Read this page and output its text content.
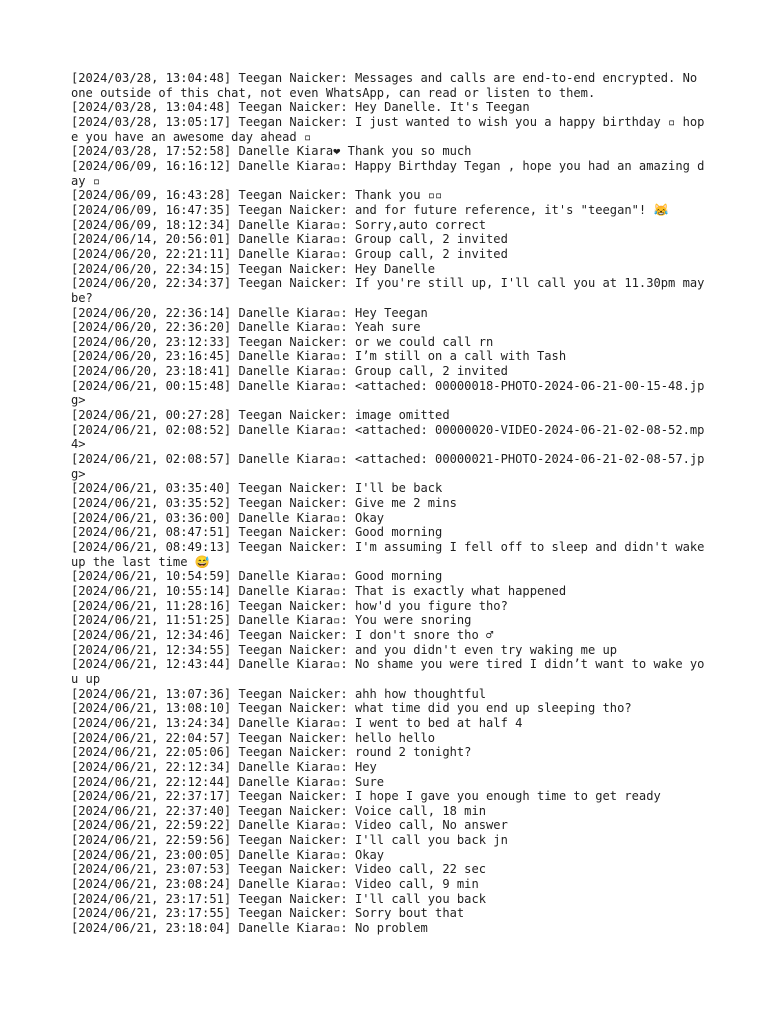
[2024/03/28, 13:04:48] Teegan Naicker: Messages and calls are end-to-end encrypted. No one outside of this chat, not even WhatsApp, can read or listen to them.
[2024/03/28, 13:04:48] Teegan Naicker: Hey Danelle. It's Teegan
[2024/03/28, 13:05:17] Teegan Naicker: I just wanted to wish you a happy birthday ▫ hope you have an awesome day ahead ▫
[2024/03/28, 17:52:58] Danelle Kiara❤ Thank you so much
[2024/06/09, 16:16:12] Danelle Kiara▫: Happy Birthday Tegan , hope you had an amazing day ▫
[2024/06/09, 16:43:28] Teegan Naicker: Thank you ▫▫
[2024/06/09, 16:47:35] Teegan Naicker: and for future reference, it's "teegan"! 😹
[2024/06/09, 18:12:34] Danelle Kiara▫: Sorry,auto correct
[2024/06/14, 20:56:01] Danelle Kiara▫: Group call, 2 invited
[2024/06/20, 22:21:11] Danelle Kiara▫: Group call, 2 invited
[2024/06/20, 22:34:15] Teegan Naicker: Hey Danelle
[2024/06/20, 22:34:37] Teegan Naicker: If you're still up, I'll call you at 11.30pm maybe?
[2024/06/20, 22:36:14] Danelle Kiara▫: Hey Teegan
[2024/06/20, 22:36:20] Danelle Kiara▫: Yeah sure
[2024/06/20, 23:12:33] Teegan Naicker: or we could call rn
[2024/06/20, 23:16:45] Danelle Kiara▫: I’m still on a call with Tash
[2024/06/20, 23:18:41] Danelle Kiara▫: Group call, 2 invited
[2024/06/21, 00:15:48] Danelle Kiara▫: <attached: 00000018-PHOTO-2024-06-21-00-15-48.jpg>
[2024/06/21, 00:27:28] Teegan Naicker: image omitted
[2024/06/21, 02:08:52] Danelle Kiara▫: <attached: 00000020-VIDEO-2024-06-21-02-08-52.mp4>
[2024/06/21, 02:08:57] Danelle Kiara▫: <attached: 00000021-PHOTO-2024-06-21-02-08-57.jpg>
[2024/06/21, 03:35:40] Teegan Naicker: I'll be back
[2024/06/21, 03:35:52] Teegan Naicker: Give me 2 mins
[2024/06/21, 03:36:00] Danelle Kiara▫: Okay
[2024/06/21, 08:47:51] Teegan Naicker: Good morning
[2024/06/21, 08:49:13] Teegan Naicker: I'm assuming I fell off to sleep and didn't wake up the last time 😅
[2024/06/21, 10:54:59] Danelle Kiara▫: Good morning
[2024/06/21, 10:55:14] Danelle Kiara▫: That is exactly what happened
[2024/06/21, 11:28:16] Teegan Naicker: how'd you figure tho?
[2024/06/21, 11:51:25] Danelle Kiara▫: You were snoring
[2024/06/21, 12:34:46] Teegan Naicker: I don't snore tho ♂
[2024/06/21, 12:34:55] Teegan Naicker: and you didn't even try waking me up
[2024/06/21, 12:43:44] Danelle Kiara▫: No shame you were tired I didn’t want to wake you up
[2024/06/21, 13:07:36] Teegan Naicker: ahh how thoughtful
[2024/06/21, 13:08:10] Teegan Naicker: what time did you end up sleeping tho?
[2024/06/21, 13:24:34] Danelle Kiara▫: I went to bed at half 4
[2024/06/21, 22:04:57] Teegan Naicker: hello hello
[2024/06/21, 22:05:06] Teegan Naicker: round 2 tonight?
[2024/06/21, 22:12:34] Danelle Kiara▫: Hey
[2024/06/21, 22:12:44] Danelle Kiara▫: Sure
[2024/06/21, 22:37:17] Teegan Naicker: I hope I gave you enough time to get ready
[2024/06/21, 22:37:40] Teegan Naicker: Voice call, 18 min
[2024/06/21, 22:59:22] Danelle Kiara▫: Video call, No answer
[2024/06/21, 22:59:56] Teegan Naicker: I'll call you back jn
[2024/06/21, 23:00:05] Danelle Kiara▫: Okay
[2024/06/21, 23:07:53] Teegan Naicker: Video call, 22 sec
[2024/06/21, 23:08:24] Danelle Kiara▫: Video call, 9 min
[2024/06/21, 23:17:51] Teegan Naicker: I'll call you back
[2024/06/21, 23:17:55] Teegan Naicker: Sorry bout that
[2024/06/21, 23:18:04] Danelle Kiara▫: No problem
